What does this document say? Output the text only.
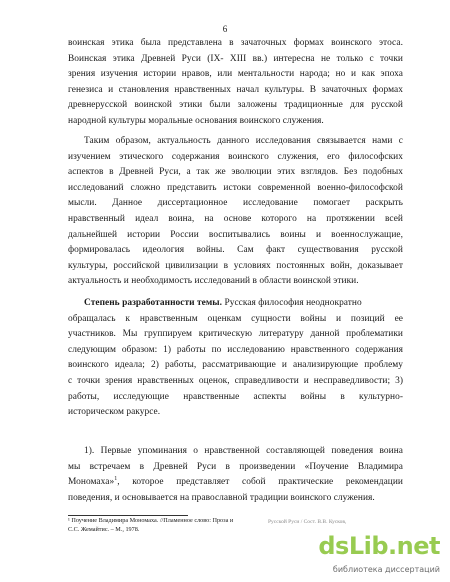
6
воинская этика была представлена в зачаточных формах воинского этоса.
Воинская этика Древней Руси (IX- XIII вв.) интересна не только с точки
зрения изучения истории нравов, или ментальности народа; но и как эпоха
генезиса и становления нравственных начал культуры. В зачаточных формах
древнерусской воинской этики были заложены традиционные для русской
народной культуры моральные основания воинского служения.
Таким образом, актуальность данного исследования связывается нами с
изучением этического содержания воинского служения, его философских
аспектов в Древней Руси, а так же эволюции этих взглядов. Без подобных
исследований сложно представить истоки современной военно-философской
мысли. Данное диссертационное исследование помогает раскрыть
нравственный идеал воина, на основе которого на протяжении всей
дальнейшей истории России воспитывались воины и военнослужащие,
формировалась идеология войны. Сам факт существования русской
культуры, российской цивилизации в условиях постоянных войн, доказывает
актуальность и необходимость исследований в области воинской этики.
Степень разработанности темы. Русская философия неоднократно
обращалась к нравственным оценкам сущности войны и позиций ее
участников. Мы группируем критическую литературу данной проблематики
следующим образом: 1) работы по исследованию нравственного содержания
воинского идеала; 2) работы, рассматривающие и анализирующие проблему
с точки зрения нравственных оценок, справедливости и несправедливости; 3)
работы, исследующие нравственные аспекты войны в культурно-
историческом ракурсе.
1). Первые упоминания о нравственной составляющей поведения воина
мы встречаем в Древней Руси в произведении «Поучение Владимира
Мономаха»$^1$, которое представляет собой практические рекомендации
поведения, и основывается на православной традиции воинского служения.
¹ Поучение Владимира Мономаха. //Пламенное слово: Проза и
С.С. Жемайтис. – М., 1978.
Русской Руси / Сост. В.В. Кусков,
dsLib.net
библиотека диссертаций
